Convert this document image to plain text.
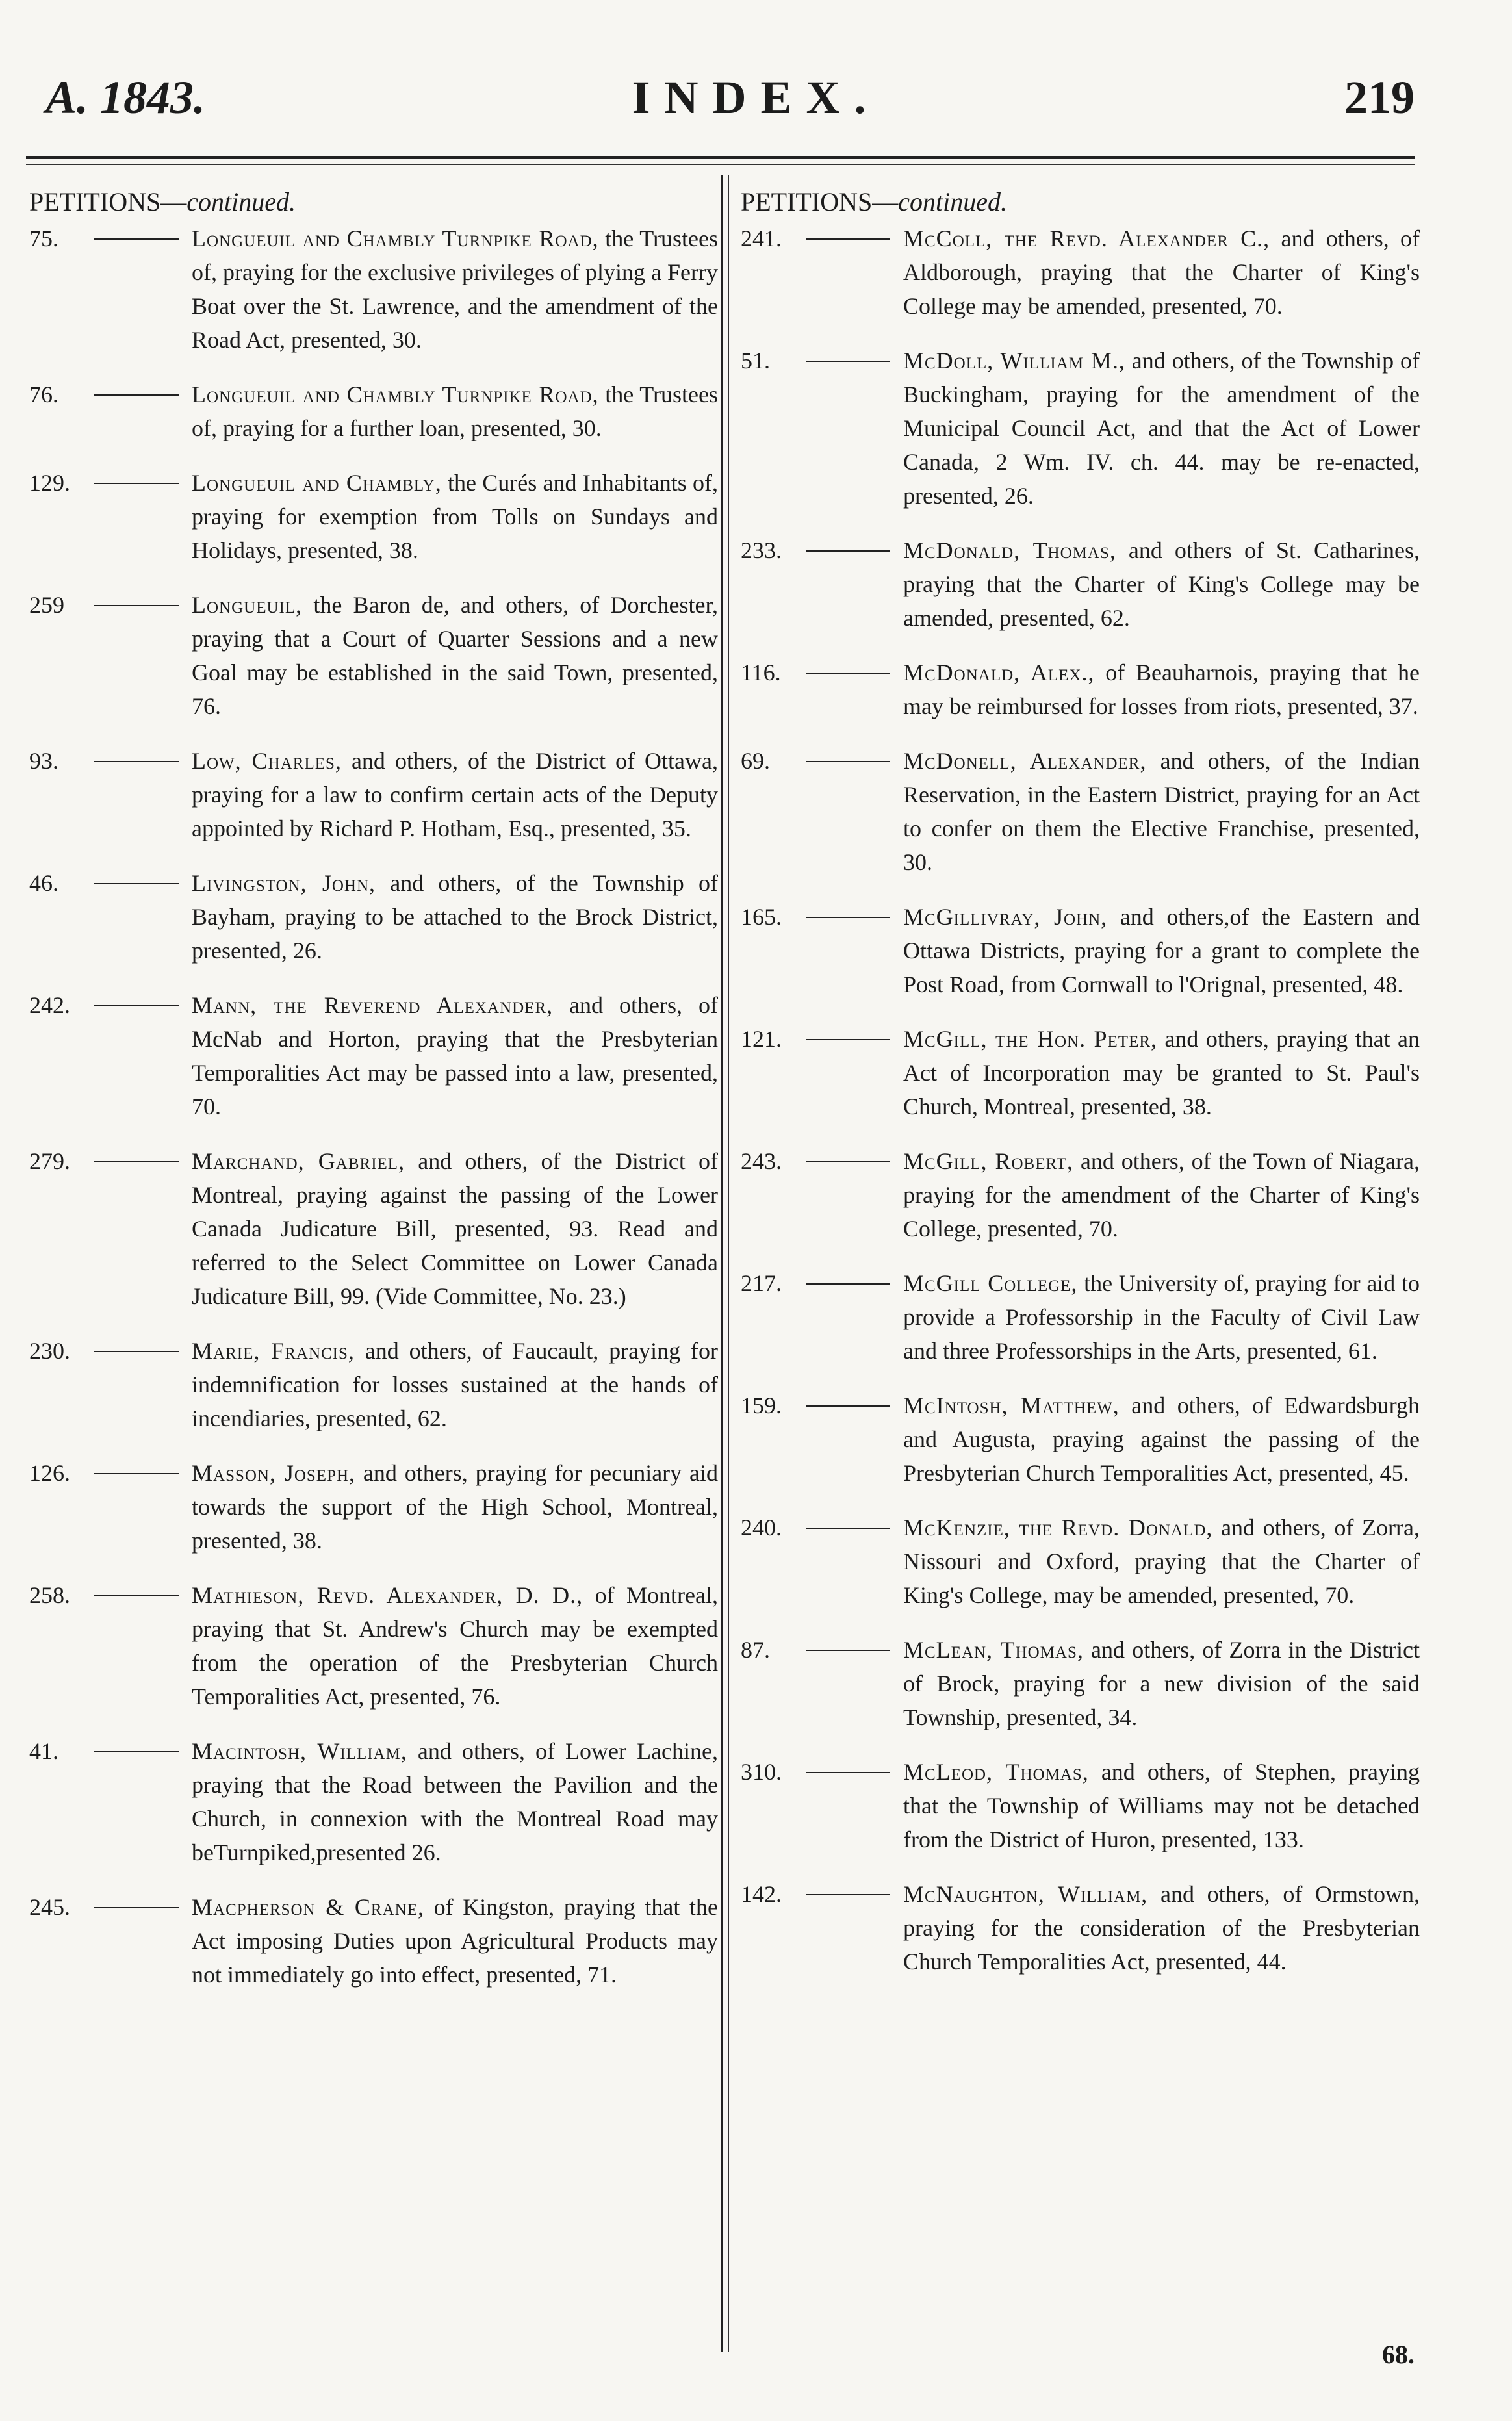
A. 1843.	INDEX.	219
PETITIONS—continued.
75.	Longueuil and Chambly Turnpike Road, the Trustees of, praying for the exclusive privileges of plying a Ferry Boat over the St. Lawrence, and the amendment of the Road Act, presented, 30.
76.	Longueuil and Chambly Turnpike Road, the Trustees of, praying for a further loan, presented, 30.
129.	Longueuil and Chambly, the Curés and Inhabitants of, praying for exemption from Tolls on Sundays and Holidays, presented, 38.
259	Longueuil, the Baron de, and others, of Dorchester, praying that a Court of Quarter Sessions and a new Goal may be established in the said Town, presented, 76.
93.	Low, Charles, and others, of the District of Ottawa, praying for a law to confirm certain acts of the Deputy appointed by Richard P. Hotham, Esq., presented, 35.
46.	Livingston, John, and others, of the Township of Bayham, praying to be attached to the Brock District, presented, 26.
242.	Mann, the Reverend Alexander, and others, of McNab and Horton, praying that the Presbyterian Temporalities Act may be passed into a law, presented, 70.
279.	Marchand, Gabriel, and others, of the District of Montreal, praying against the passing of the Lower Canada Judicature Bill, presented, 93. Read and referred to the Select Committee on Lower Canada Judicature Bill, 99. (Vide Committee, No. 23.)
230.	Marie, Francis, and others, of Faucault, praying for indemnification for losses sustained at the hands of incendiaries, presented, 62.
126.	Masson, Joseph, and others, praying for pecuniary aid towards the support of the High School, Montreal, presented, 38.
258.	Mathieson, Revd. Alexander, D. D., of Montreal, praying that St. Andrew's Church may be exempted from the operation of the Presbyterian Church Temporalities Act, presented, 76.
41.	Macintosh, William, and others, of Lower Lachine, praying that the Road between the Pavilion and the Church, in connexion with the Montreal Road may beTurnpiked,presented 26.
245.	Macpherson & Crane, of Kingston, praying that the Act imposing Duties upon Agricultural Products may not immediately go into effect, presented, 71.
PETITIONS—continued.
241.	McColl, the Revd. Alexander C., and others, of Aldborough, praying that the Charter of King's College may be amended, presented, 70.
51.	McDoll, William M., and others, of the Township of Buckingham, praying for the amendment of the Municipal Council Act, and that the Act of Lower Canada, 2 Wm. IV. ch. 44. may be re-enacted, presented, 26.
233.	McDonald, Thomas, and others of St. Catharines, praying that the Charter of King's College may be amended, presented, 62.
116.	McDonald, Alex., of Beauharnois, praying that he may be reimbursed for losses from riots, presented, 37.
69.	McDonell, Alexander, and others, of the Indian Reservation, in the Eastern District, praying for an Act to confer on them the Elective Franchise, presented, 30.
165.	McGillivray, John, and others,of the Eastern and Ottawa Districts, praying for a grant to complete the Post Road, from Cornwall to l'Orignal, presented, 48.
121.	McGill, the Hon. Peter, and others, praying that an Act of Incorporation may be granted to St. Paul's Church, Montreal, presented, 38.
243.	McGill, Robert, and others, of the Town of Niagara, praying for the amendment of the Charter of King's College, presented, 70.
217.	McGill College, the University of, praying for aid to provide a Professorship in the Faculty of Civil Law and three Professorships in the Arts, presented, 61.
159.	McIntosh, Matthew, and others, of Edwardsburgh and Augusta, praying against the passing of the Presbyterian Church Temporalities Act, presented, 45.
240.	McKenzie, the Revd. Donald, and others, of Zorra, Nissouri and Oxford, praying that the Charter of King's College, may be amended, presented, 70.
87.	McLean, Thomas, and others, of Zorra in the District of Brock, praying for a new division of the said Township, presented, 34.
310.	McLeod, Thomas, and others, of Stephen, praying that the Township of Williams may not be detached from the District of Huron, presented, 133.
142.	McNaughton, William, and others, of Ormstown, praying for the consideration of the Presbyterian Church Temporalities Act, presented, 44.
68.
